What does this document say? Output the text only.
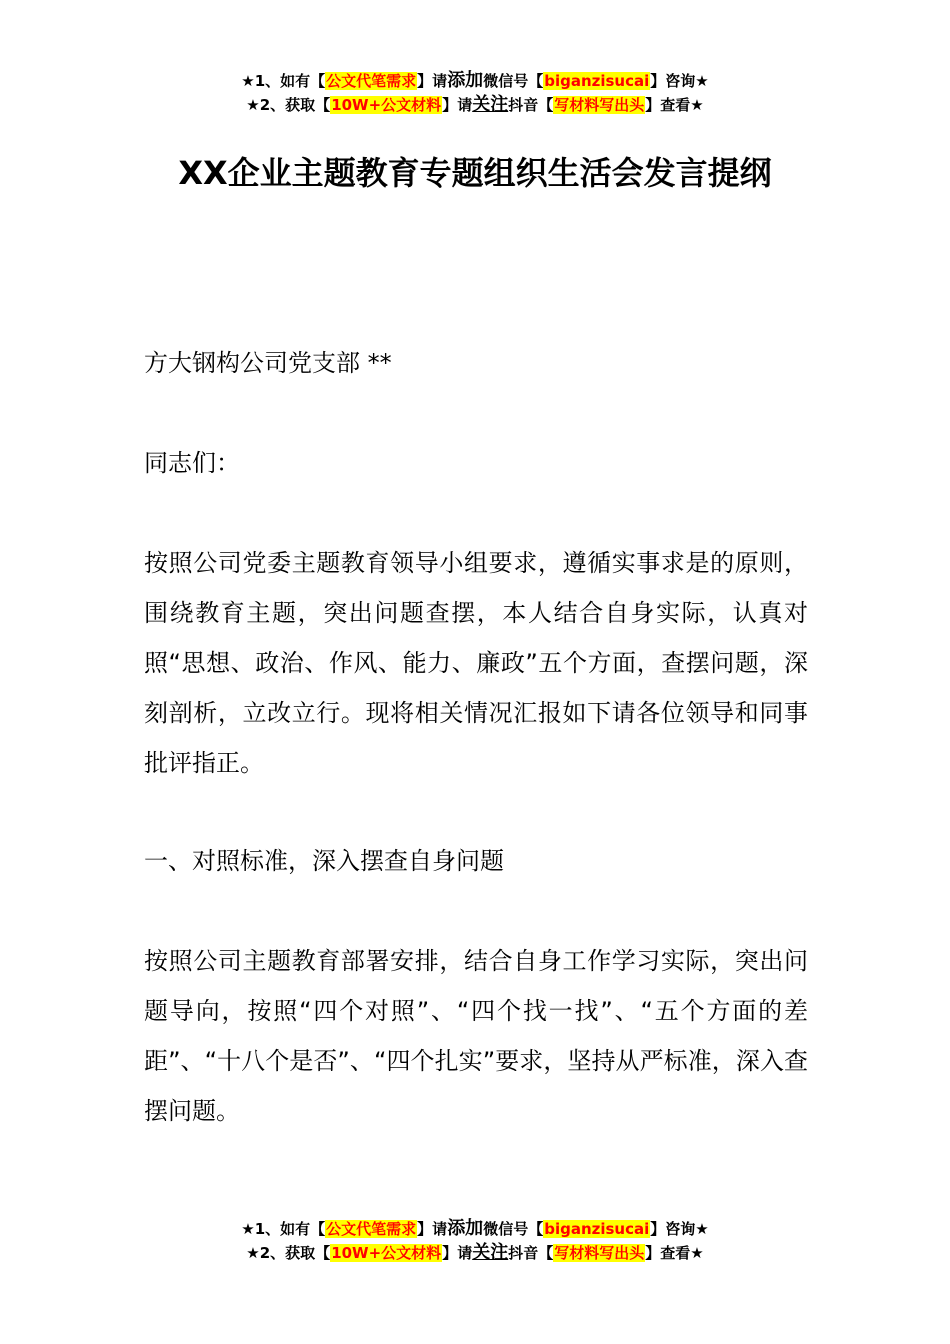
★1、如有【公文代笔需求】请添加微信号【biganzisucai】咨询★
★2、获取【10W+公文材料】请关注抖音【写材料写出头】查看★
XX企业主题教育专题组织生活会发言提纲
方大钢构公司党支部 **
同志们：
按照公司党委主题教育领导小组要求，遵循实事求是的原则，围绕教育主题，突出问题查摆，本人结合自身实际，认真对照“思想、政治、作风、能力、廉政”五个方面，查摆问题，深刻剖析，立改立行。现将相关情况汇报如下请各位领导和同事批评指正。
一、对照标准，深入摆查自身问题
按照公司主题教育部署安排，结合自身工作学习实际，突出问题导向，按照“四个对照”、“四个找一找”、“五个方面的差距”、“十八个是否”、“四个扎实”要求，坚持从严标准，深入查摆问题。
★1、如有【公文代笔需求】请添加微信号【biganzisucai】咨询★
★2、获取【10W+公文材料】请关注抖音【写材料写出头】查看★
